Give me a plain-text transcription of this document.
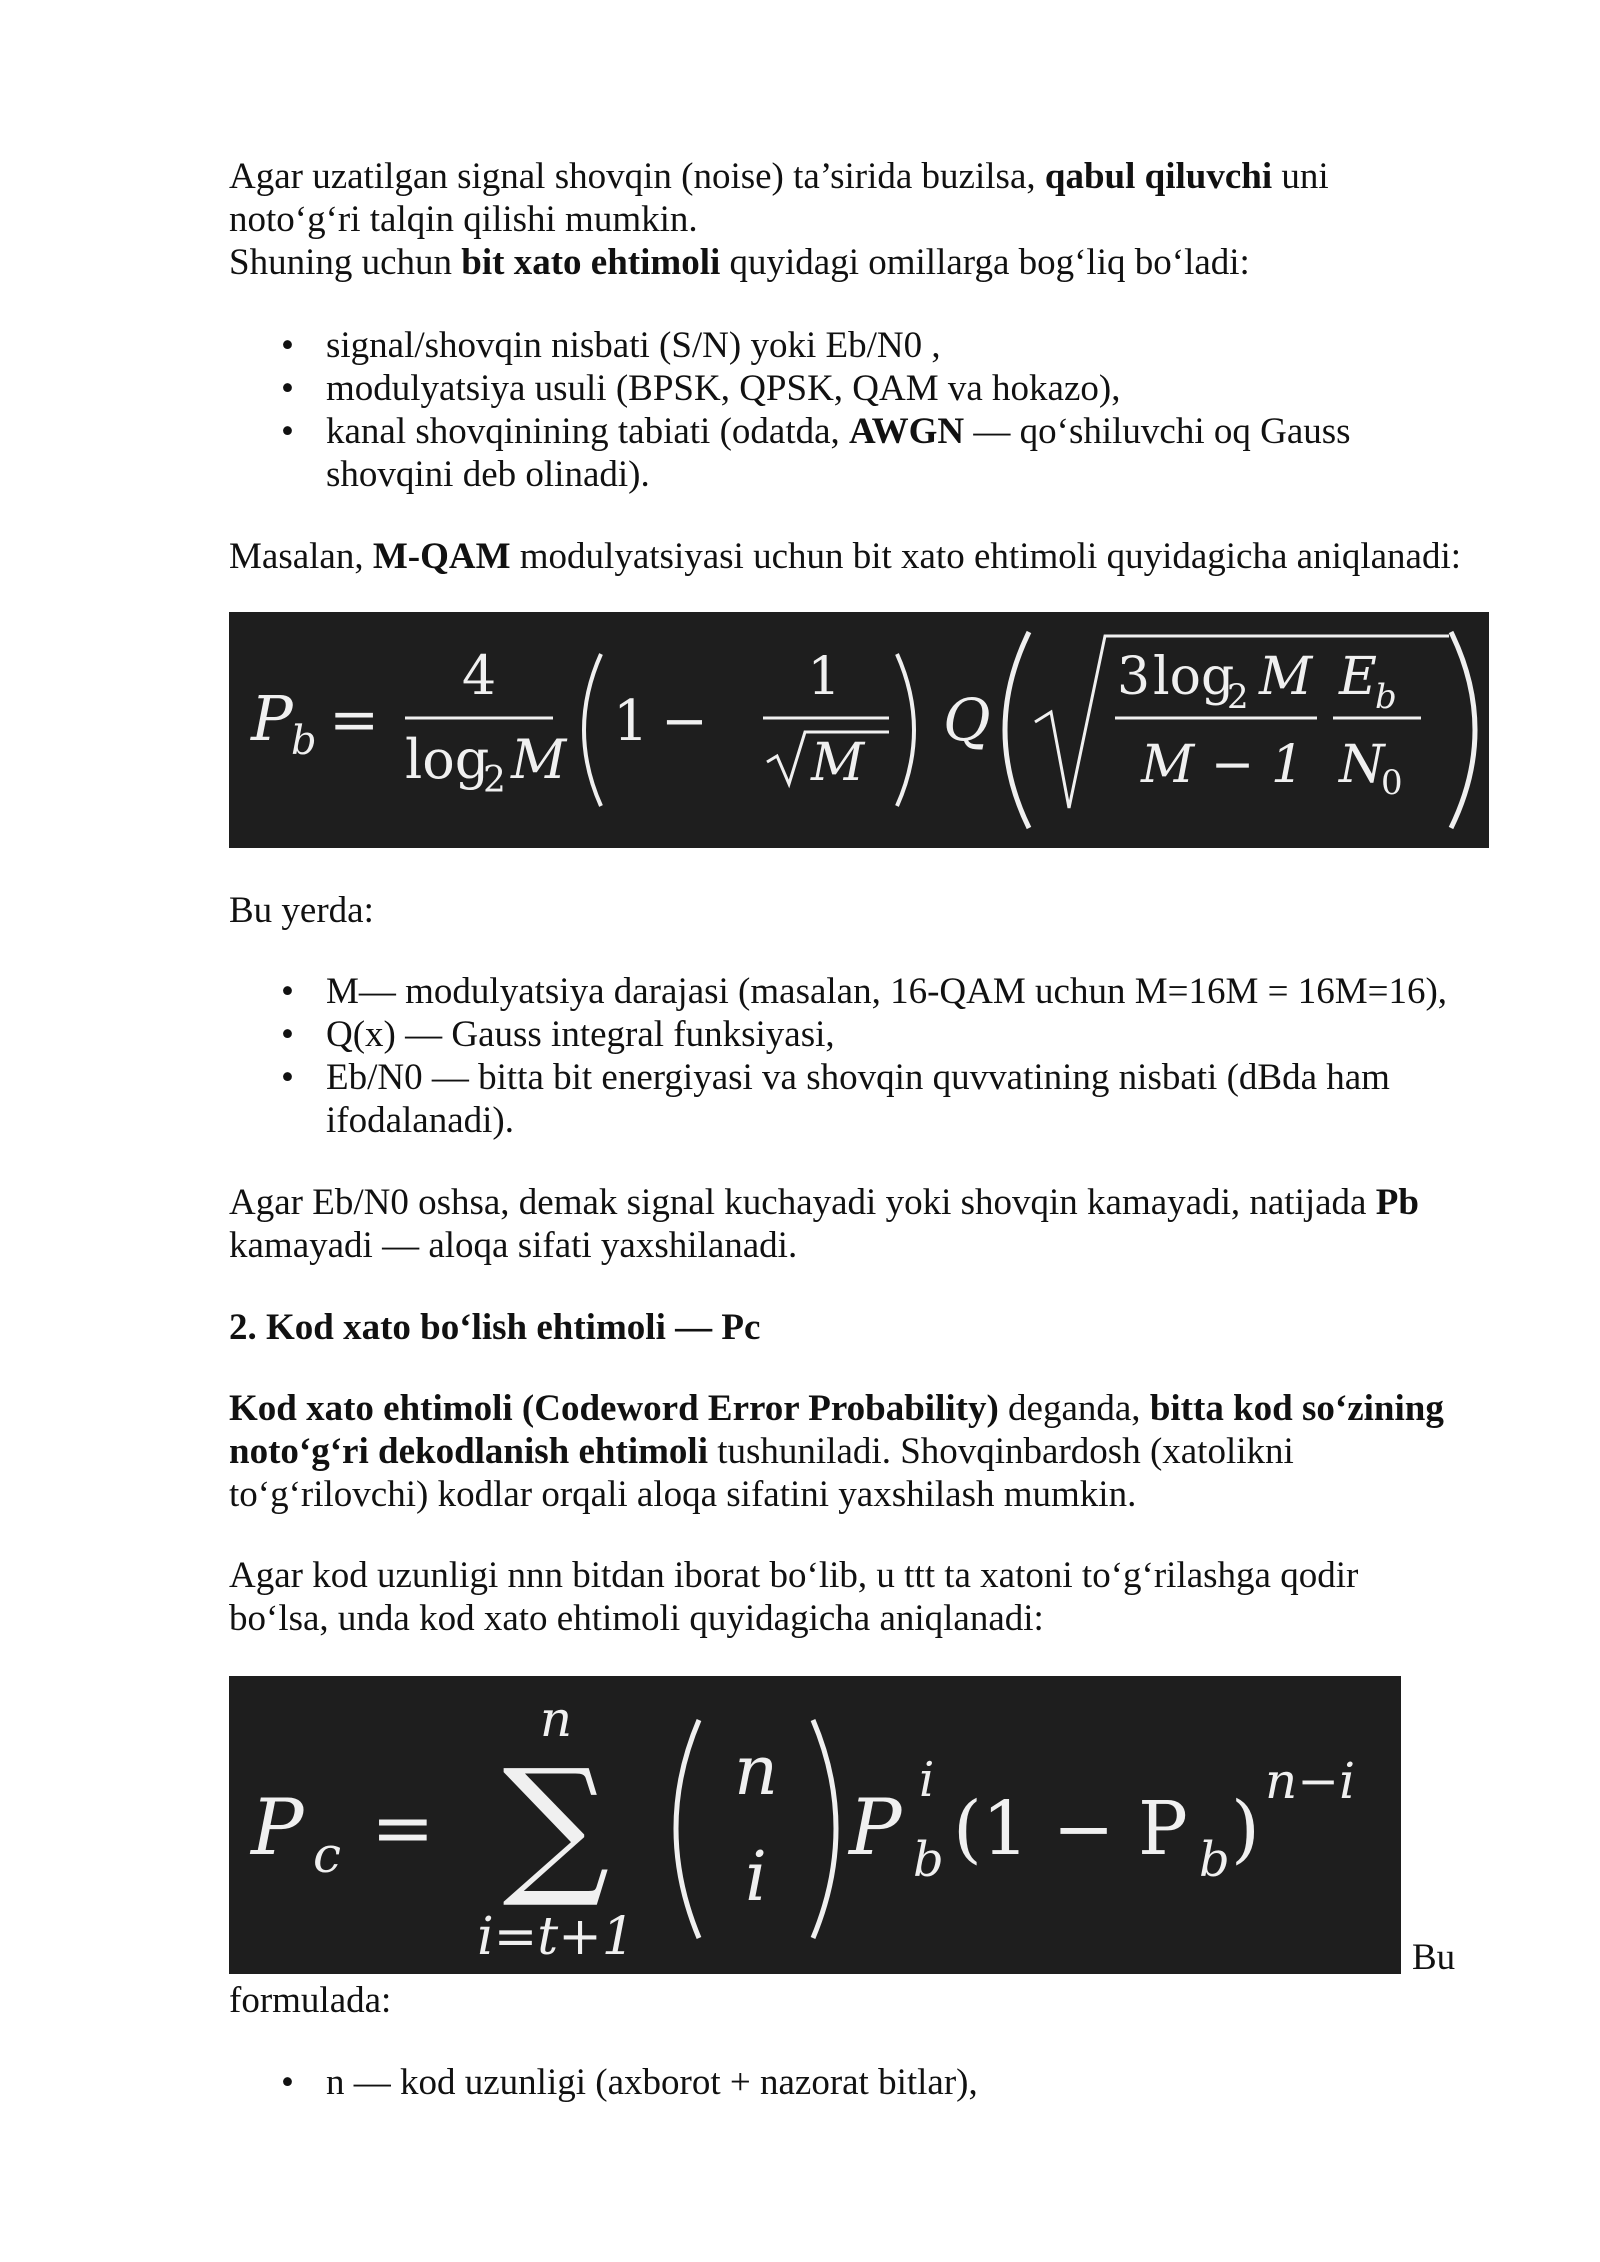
Agar uzatilgan signal shovqin (noise) ta’sirida buzilsa, qabul qiluvchi uni

noto‘g‘ri talqin qilishi mumkin.

Shuning uchun bit xato ehtimoli quyidagi omillarga bog‘liq bo‘ladi:

• signal/shovqin nisbati (S/N) yoki Eb/N0 ,
• modulyatsiya usuli (BPSK, QPSK, QAM va hokazo),
• kanal shovqinining tabiati (odatda, AWGN — qo‘shiluvchi oq Gauss
shovqini deb olinadi).

Masalan, M-QAM modulyatsiyasi uchun bit xato ehtimoli quyidagicha aniqlanadi:

P
b =
4
log
2 M
1 −
1
M
Q
3 log
2 M
M − 1
E
b
N
0

Bu yerda:

• M— modulyatsiya darajasi (masalan, 16-QAM uchun M=16M = 16M=16),
• Q(x) — Gauss integral funksiyasi,
• Eb/N0 — bitta bit energiyasi va shovqin quvvatining nisbati (dBda ham
ifodalanadi).

Agar Eb/N0 oshsa, demak signal kuchayadi yoki shovqin kamayadi, natijada Pb

kamayadi — aloqa sifati yaxshilanadi.

2. Kod xato bo‘lish ehtimoli — Pc

Kod xato ehtimoli (Codeword Error Probability) deganda, bitta kod so‘zining

noto‘g‘ri dekodlanish ehtimoli tushuniladi. Shovqinbardosh (xatolikni

to‘g‘rilovchi) kodlar orqali aloqa sifatini yaxshilash mumkin.

Agar kod uzunligi nnn bitdan iborat bo‘lib, u ttt ta xatoni to‘g‘rilashga qodir

bo‘lsa, unda kod xato ehtimoli quyidagicha aniqlanadi:

P c =
n
∑
i=t+1
n
i
P
i
b (1 − P b )
n−i
Bu

formulada:

• n — kod uzunligi (axborot + nazorat bitlar),
